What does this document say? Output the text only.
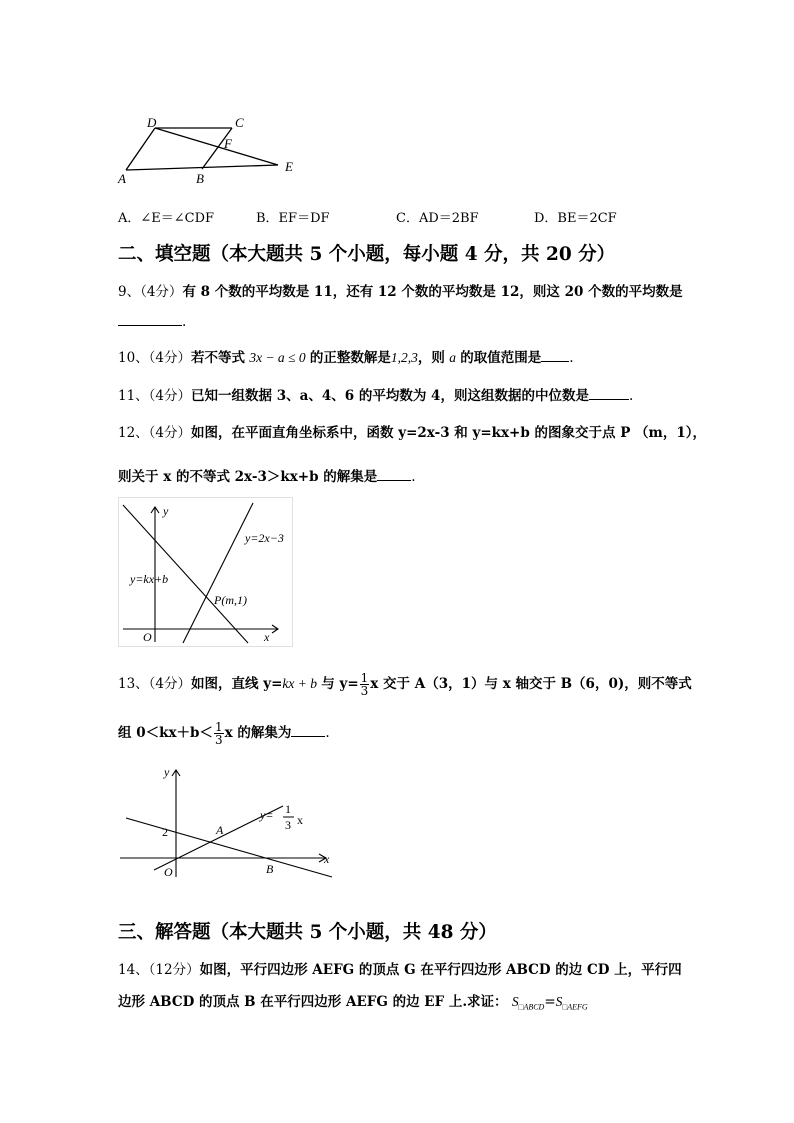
D	C
F
E
A	B
A．∠E＝∠CDF	B．EF＝DF	C．AD＝2BF	D．BE＝2CF
二、填空题（本大题共 5 个小题，每小题 4 分，共 20 分）
9、（4分）有 8 个数的平均数是 11，还有 12 个数的平均数是 12，则这 20 个数的平均数是
.
10、（4分）若不等式 3x − a ≤ 0 的正整数解是1,2,3，则 a 的取值范围是 .
11、（4分）已知一组数据 3、a、4、6 的平均数为 4，则这组数据的中位数是	.
12、（4分）如图，在平面直角坐标系中，函数 y=2x-3 和 y=kx+b 的图象交于点 P （m，1），
则关于 x 的不等式 2x-3＞kx+b 的解集是	.
y
x
O
y=2x−3
y=kx+b
P(m,1)
13、（4分）如图，直线 y=kx + b 与 $y= \frac{1}{3}$ x 交于 A（3，1）与 x 轴交于 B（6，0)，则不等式
组 $0<kx+b< \frac{1}{3}$ x 的解集为	.
y
x
O
2	A
B
y= 1
3 x
三、解答题（本大题共 5 个小题，共 48 分）
14、（12分）如图，平行四边形 AEFG 的顶点 G 在平行四边形 ABCD 的边 CD 上，平行四
边形 ABCD 的顶点 B 在平行四边形 AEFG 的边 EF 上.求证： $S_{□ABCD}=S_{□AEFG}$
